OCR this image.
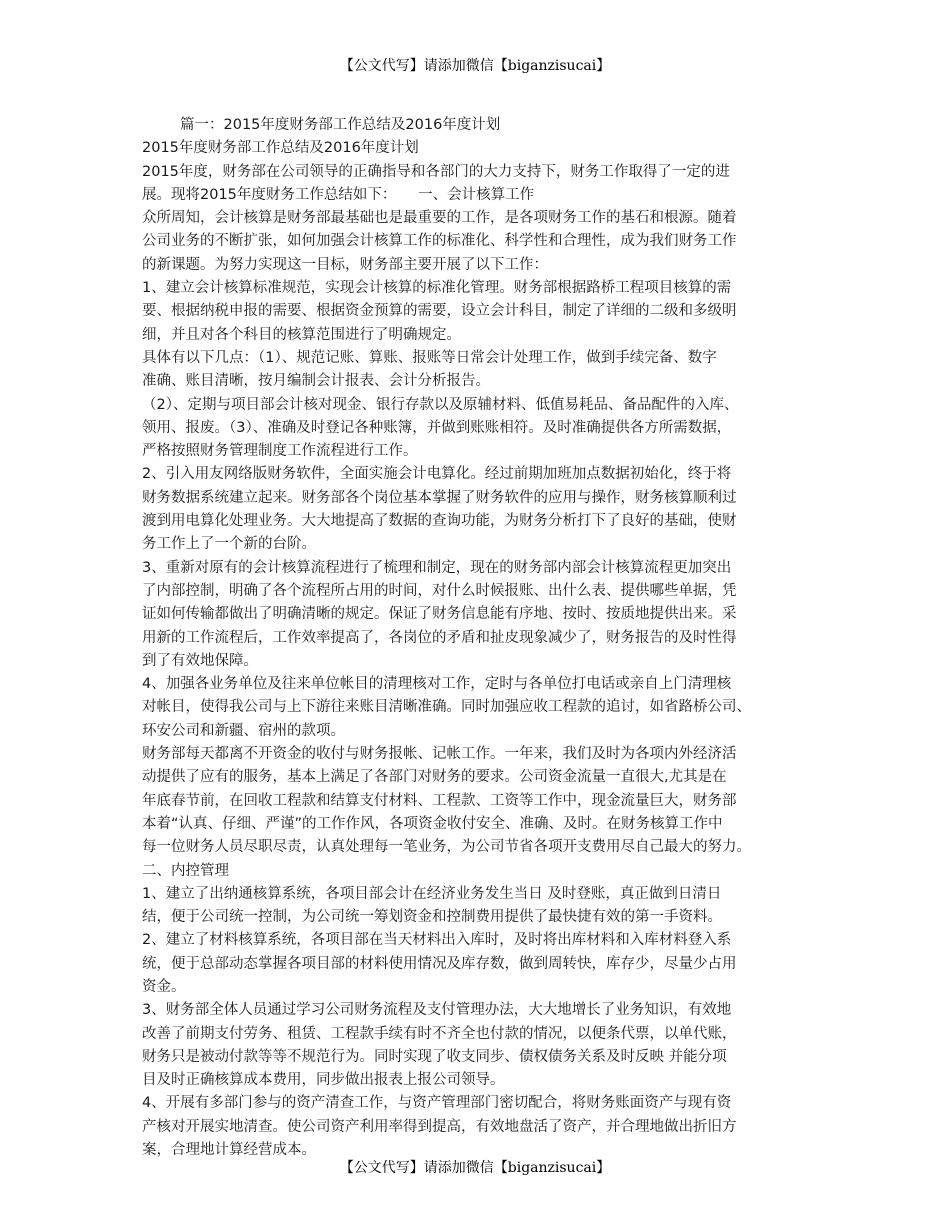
【公文代写】请添加微信【biganzisucai】
篇一：2015年度财务部工作总结及2016年度计划
2015年度财务部工作总结及2016年度计划
2015年度，财务部在公司领导的正确指导和各部门的大力支持下，财务工作取得了一定的进
展。现将2015年度财务工作总结如下：　　一、会计核算工作
众所周知，会计核算是财务部最基础也是最重要的工作，是各项财务工作的基石和根源。随着
公司业务的不断扩张，如何加强会计核算工作的标准化、科学性和合理性，成为我们财务工作
的新课题。为努力实现这一目标，财务部主要开展了以下工作：
1、建立会计核算标准规范，实现会计核算的标准化管理。财务部根据路桥工程项目核算的需
要、根据纳税申报的需要、根据资金预算的需要，设立会计科目，制定了详细的二级和多级明
细，并且对各个科目的核算范围进行了明确规定。
具体有以下几点：（1）、规范记账、算账、报账等日常会计处理工作，做到手续完备、数字
准确、账目清晰，按月编制会计报表、会计分析报告。
（2）、定期与项目部会计核对现金、银行存款以及原辅材料、低值易耗品、备品配件的入库、
领用、报废。（3）、准确及时登记各种账簿，并做到账账相符。及时准确提供各方所需数据，
严格按照财务管理制度工作流程进行工作。
2、引入用友网络版财务软件，全面实施会计电算化。经过前期加班加点数据初始化，终于将
财务数据系统建立起来。财务部各个岗位基本掌握了财务软件的应用与操作，财务核算顺利过
渡到用电算化处理业务。大大地提高了数据的查询功能，为财务分析打下了良好的基础，使财
务工作上了一个新的台阶。
3、重新对原有的会计核算流程进行了梳理和制定，现在的财务部内部会计核算流程更加突出
了内部控制，明确了各个流程所占用的时间，对什么时候报账、出什么表、提供哪些单据，凭
证如何传输都做出了明确清晰的规定。保证了财务信息能有序地、按时、按质地提供出来。采
用新的工作流程后，工作效率提高了，各岗位的矛盾和扯皮现象减少了，财务报告的及时性得
到了有效地保障。
4、加强各业务单位及往来单位帐目的清理核对工作，定时与各单位打电话或亲自上门清理核
对帐目，使得我公司与上下游往来账目清晰准确。同时加强应收工程款的追讨，如省路桥公司、
环安公司和新疆、宿州的款项。
财务部每天都离不开资金的收付与财务报帐、记帐工作。一年来，我们及时为各项内外经济活
动提供了应有的服务，基本上满足了各部门对财务的要求。公司资金流量一直很大,尤其是在
年底春节前，在回收工程款和结算支付材料、工程款、工资等工作中，现金流量巨大，财务部
本着“认真、仔细、严谨”的工作作风，各项资金收付安全、准确、及时。在财务核算工作中
每一位财务人员尽职尽责，认真处理每一笔业务，为公司节省各项开支费用尽自己最大的努力。
二、内控管理
1、建立了出纳通核算系统，各项目部会计在经济业务发生当日 及时登账，真正做到日清日
结，便于公司统一控制，为公司统一筹划资金和控制费用提供了最快捷有效的第一手资料。
2、建立了材料核算系统，各项目部在当天材料出入库时，及时将出库材料和入库材料登入系
统，便于总部动态掌握各项目部的材料使用情况及库存数，做到周转快，库存少，尽量少占用
资金。
3、财务部全体人员通过学习公司财务流程及支付管理办法，大大地增长了业务知识，有效地
改善了前期支付劳务、租赁、工程款手续有时不齐全也付款的情况，以便条代票，以单代账，
财务只是被动付款等等不规范行为。同时实现了收支同步、债权债务关系及时反映 并能分项
目及时正确核算成本费用，同步做出报表上报公司领导。
4、开展有多部门参与的资产清查工作，与资产管理部门密切配合，将财务账面资产与现有资
产核对开展实地清查。使公司资产利用率得到提高，有效地盘活了资产，并合理地做出折旧方
案，合理地计算经营成本。
【公文代写】请添加微信【biganzisucai】
